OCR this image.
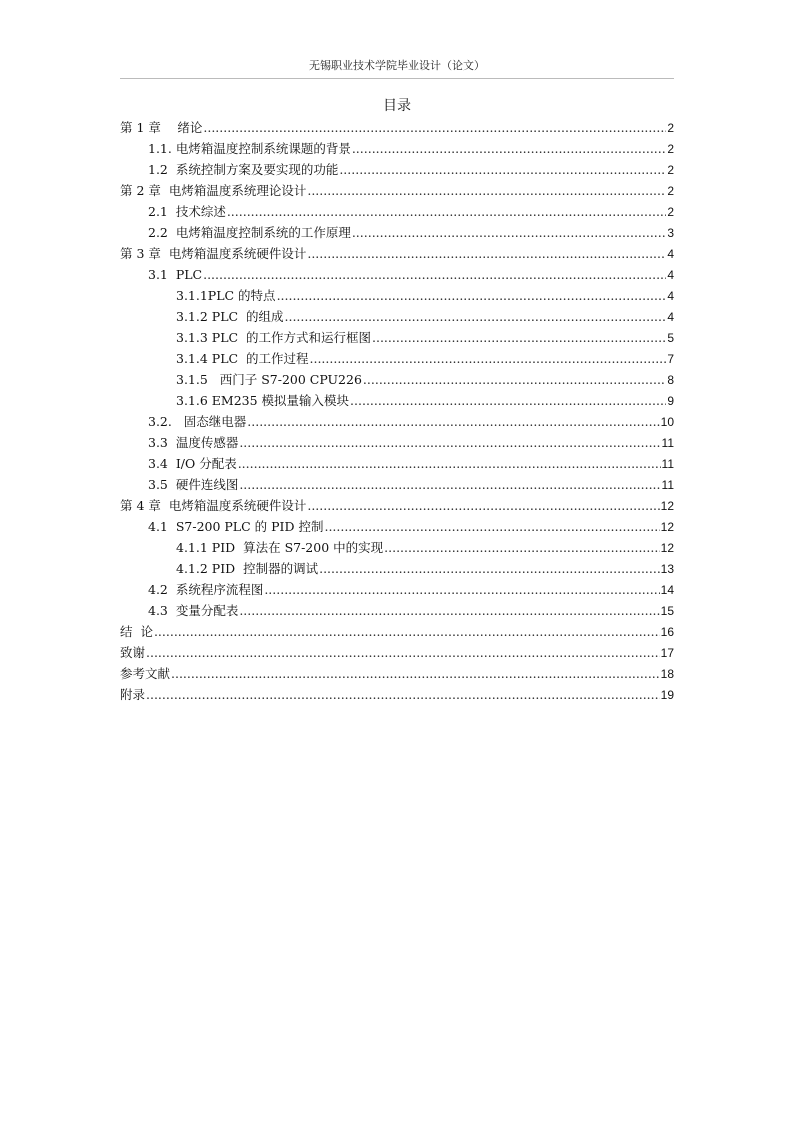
无锡职业技术学院毕业设计（论文）
目录
第 1 章　 绪论 .....	2
1.1. 电烤箱温度控制系统课题的背景 .....	2
1.2  系统控制方案及要实现的功能 .....	2
第 2 章  电烤箱温度系统理论设计 .....	2
2.1  技术综述 .....	2
2.2  电烤箱温度控制系统的工作原理 .....	3
第 3 章  电烤箱温度系统硬件设计 .....	4
3.1  PLC .....	4
3.1.1PLC 的特点 .....	4
3.1.2 PLC  的组成 .....	4
3.1.3 PLC  的工作方式和运行框图 .....	5
3.1.4 PLC  的工作过程 .....	7
3.1.5   西门子 S7-200 CPU226 .....	8
3.1.6 EM235 模拟量输入模块 .....	9
3.2.   固态继电器 .....	10
3.3  温度传感器 .....	11
3.4  I/O 分配表 .....	11
3.5  硬件连线图 .....	11
第 4 章  电烤箱温度系统硬件设计 .....	12
4.1  S7-200 PLC 的 PID 控制 .....	12
4.1.1 PID  算法在 S7-200 中的实现 .....	12
4.1.2 PID  控制器的调试 .....	13
4.2  系统程序流程图 .....	14
4.3  变量分配表 .....	15
结  论 .....	16
致谢 .....	17
参考文献 .....	18
附录 .....	19
